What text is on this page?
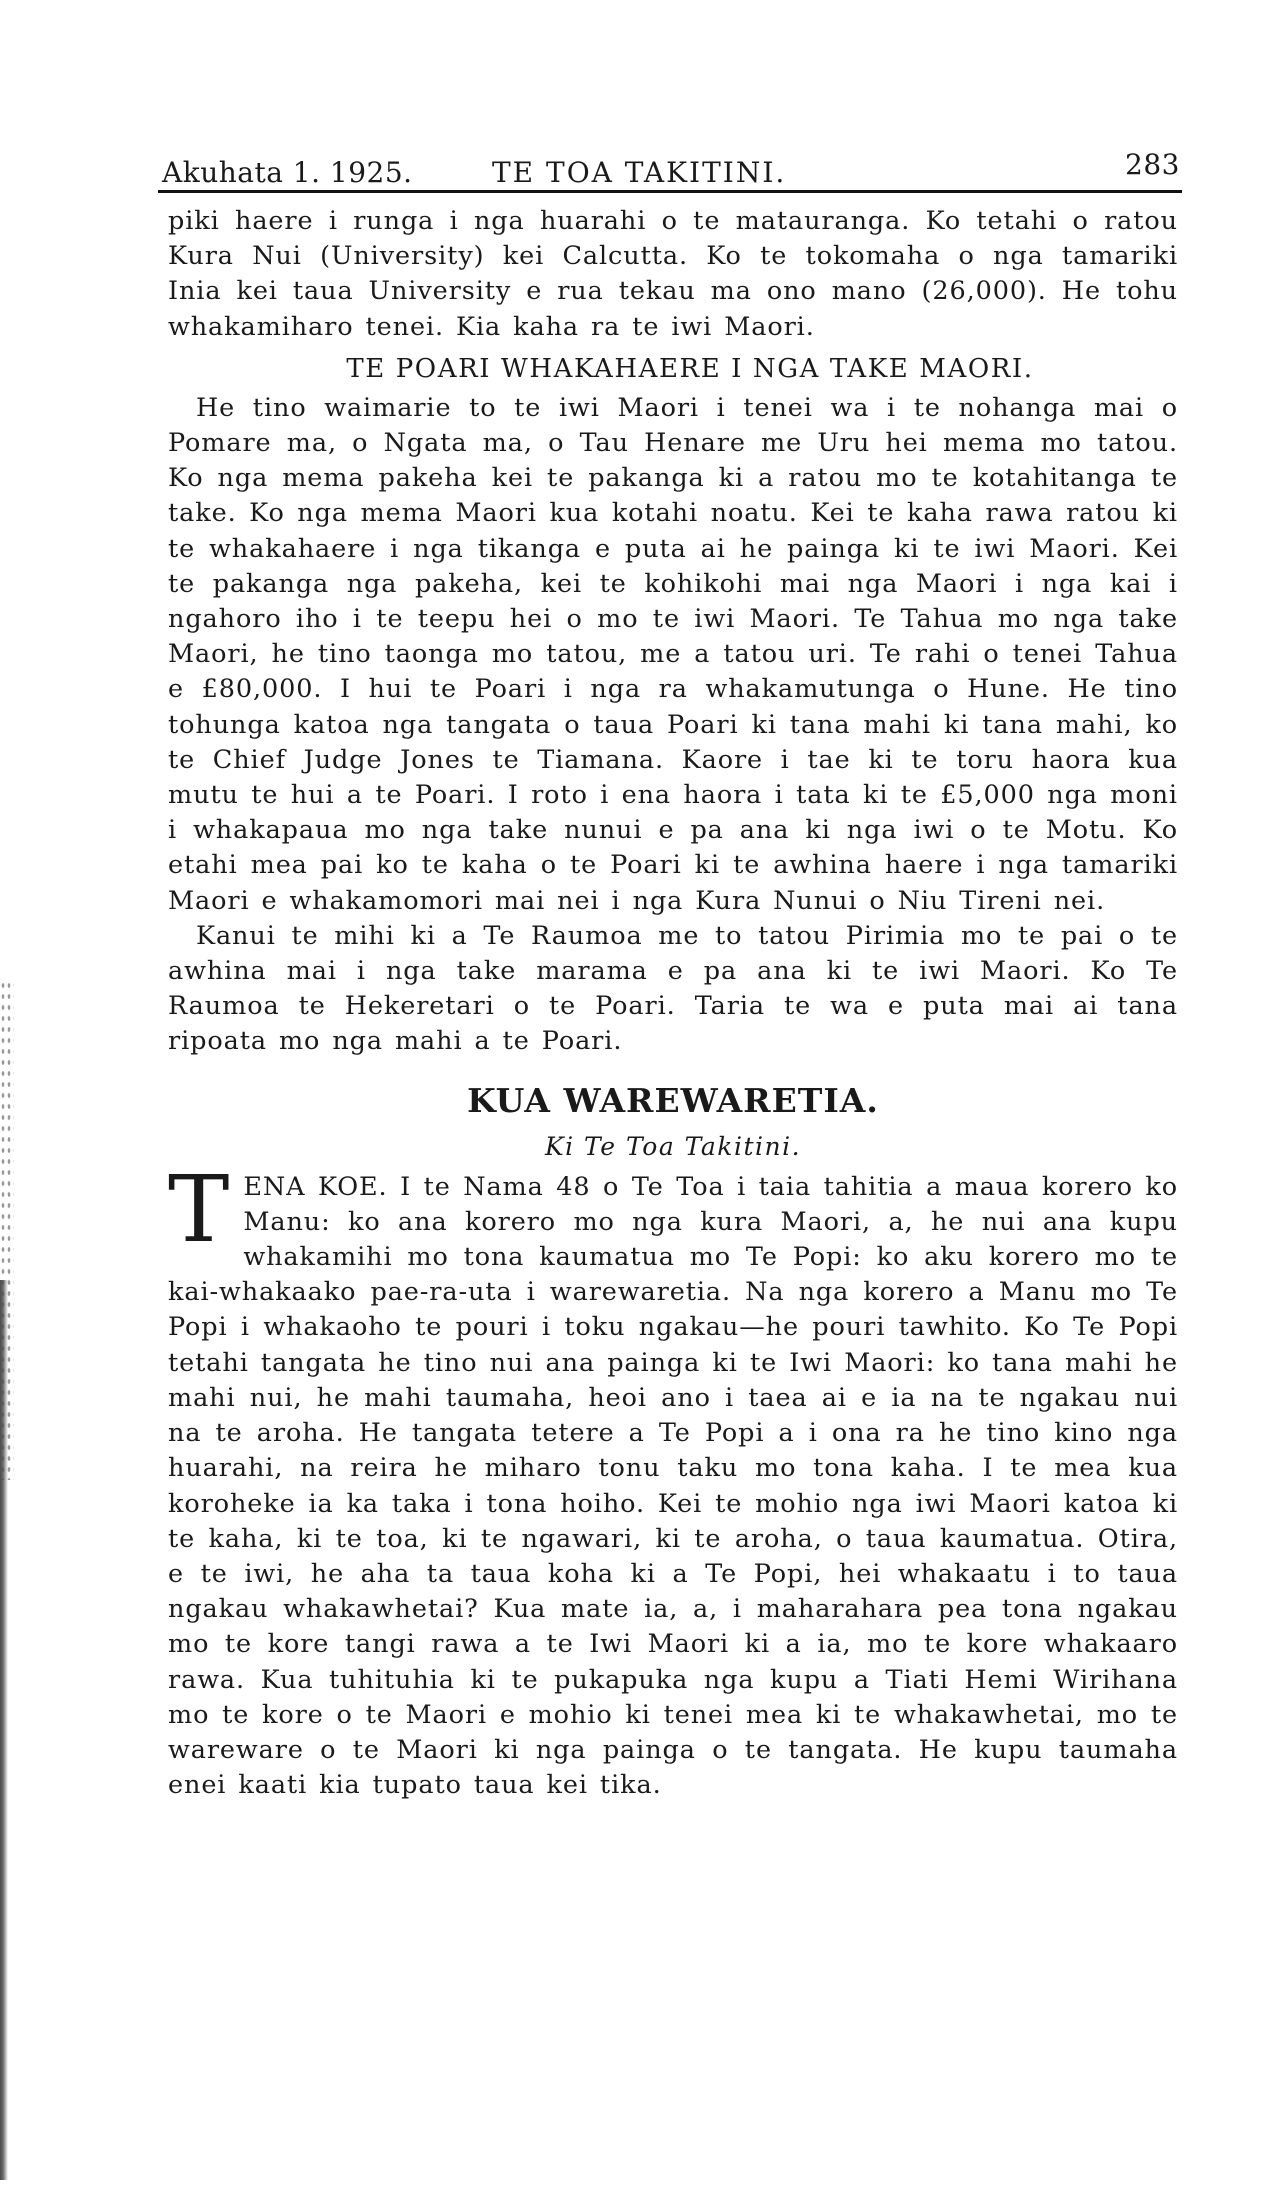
Akuhata 1. 1925.	TE TOA TAKITINI.	283

piki haere i runga i nga huarahi o te matauranga. Ko tetahi o ratou Kura Nui (University) kei Calcutta. Ko te tokomaha o nga tamariki Inia kei taua University e rua tekau ma ono mano (26,000). He tohu whakamiharo tenei. Kia kaha ra te iwi Maori.

TE POARI WHAKAHAERE I NGA TAKE MAORI.

He tino waimarie to te iwi Maori i tenei wa i te nohanga mai o Pomare ma, o Ngata ma, o Tau Henare me Uru hei mema mo tatou. Ko nga mema pakeha kei te pakanga ki a ratou mo te kotahitanga te take. Ko nga mema Maori kua kotahi noatu. Kei te kaha rawa ratou ki te whakahaere i nga tikanga e puta ai he painga ki te iwi Maori. Kei te pakanga nga pakeha, kei te kohikohi mai nga Maori i nga kai i ngahoro iho i te teepu hei o mo te iwi Maori. Te Tahua mo nga take Maori, he tino taonga mo tatou, me a tatou uri. Te rahi o tenei Tahua e £80,000. I hui te Poari i nga ra whakamutunga o Hune. He tino tohunga katoa nga tangata o taua Poari ki tana mahi ki tana mahi, ko te Chief Judge Jones te Tiamana. Kaore i tae ki te toru haora kua mutu te hui a te Poari. I roto i ena haora i tata ki te £5,000 nga moni i whakapaua mo nga take nunui e pa ana ki nga iwi o te Motu. Ko etahi mea pai ko te kaha o te Poari ki te awhina haere i nga tamariki Maori e whakamomori mai nei i nga Kura Nunui o Niu Tireni nei.

Kanui te mihi ki a Te Raumoa me to tatou Pirimia mo te pai o te awhina mai i nga take marama e pa ana ki te iwi Maori. Ko Te Raumoa te Hekeretari o te Poari. Taria te wa e puta mai ai tana ripoata mo nga mahi a te Poari.

KUA WAREWARETIA.
Ki Te Toa Takitini.
T ENA KOE. I te Nama 48 o Te Toa i taia tahitia a maua korero ko Manu: ko ana korero mo nga kura Maori, a, he nui ana kupu whakamihi mo tona kaumatua mo Te Popi: ko aku korero mo te kai-whakaako pae-ra-uta i warewaretia. Na nga korero a Manu mo Te Popi i whakaoho te pouri i toku ngakau—he pouri tawhito. Ko Te Popi tetahi tangata he tino nui ana painga ki te Iwi Maori: ko tana mahi he mahi nui, he mahi taumaha, heoi ano i taea ai e ia na te ngakau nui na te aroha. He tangata tetere a Te Popi a i ona ra he tino kino nga huarahi, na reira he miharo tonu taku mo tona kaha. I te mea kua koroheke ia ka taka i tona hoiho. Kei te mohio nga iwi Maori katoa ki te kaha, ki te toa, ki te ngawari, ki te aroha, o taua kaumatua. Otira, e te iwi, he aha ta taua koha ki a Te Popi, hei whakaatu i to taua ngakau whakawhetai? Kua mate ia, a, i maharahara pea tona ngakau mo te kore tangi rawa a te Iwi Maori ki a ia, mo te kore whakaaro rawa. Kua tuhituhia ki te pukapuka nga kupu a Tiati Hemi Wirihana mo te kore o te Maori e mohio ki tenei mea ki te whakawhetai, mo te wareware o te Maori ki nga painga o te tangata. He kupu taumaha enei kaati kia tupato taua kei tika.
